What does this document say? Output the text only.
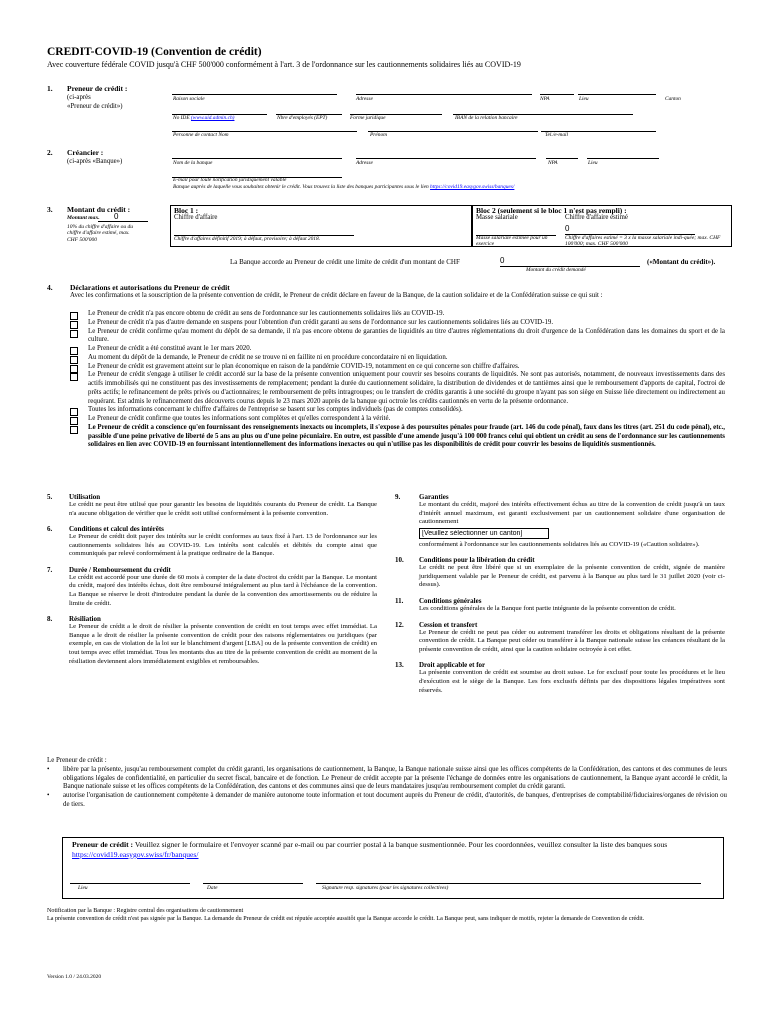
CREDIT-COVID-19 (Convention de crédit)
Avec couverture fédérale COVID jusqu'à CHF 500'000 conformément à l'art. 3 de l'ordonnance sur les cautionnements solidaires liés au COVID-19
1. Preneur de crédit :
(ci-après
«Preneur de crédit»)
Raison sociale	Adresse	NPA	Lieu	Canton
No IDE (www.uid.admin.ch)	Nbre d'employés (EPT)	Forme juridique	IBAN de la relation bancaire
Personne de contact Nom	Prénom	Tel./e-mail
2. Créancier :
(ci-après «Banque»)	Nom de la banque	Adresse	NPA	Lieu
E-mail pour toute notification juridiquement valable
Banque auprès de laquelle vous souhaitez obtenir le crédit. Vous trouvez la liste des banques participantes sous le lien https://covid19.easygov.swiss/banques/
3. Montant du crédit :
Montant max.	0
10% du chiffre d'affaire ou du chiffre d'affaire estimé, max. CHF 500'000
Bloc 1 :
Chiffre d'affaire
Chiffre d'affaires définitif 2019; à défaut, provisoire; à défaut 2018.
Bloc 2 (seulement si le bloc 1 n'est pas rempli) :
Masse salariale	Chiffre d'affaire estimé
0
Masse salariale estimée pour un exercice
Chiffre d'affaires estimé = 3 x la masse salariale indi-quée; max. CHF 100'000; max. CHF 500'000
La Banque accorde au Preneur de crédit une limite de crédit d'un montant de CHF	0	(«Montant du crédit»).
Montant du crédit demandé
4. Déclarations et autorisations du Preneur de crédit
Avec les confirmations et la souscription de la présente convention de crédit, le Preneur de crédit déclare en faveur de la Banque, de la caution solidaire et de la Confédération suisse ce qui suit :
Le Preneur de crédit n'a pas encore obtenu de crédit au sens de l'ordonnance sur les cautionnements solidaires liés au COVID-19.
Le Preneur de crédit n'a pas d'autre demande en suspens pour l'obtention d'un crédit garanti au sens de l'ordonnance sur les cautionnements solidaires liés au COVID-19.
Le Preneur de crédit confirme qu'au moment du dépôt de sa demande, il n'a pas encore obtenu de garanties de liquidités au titre d'autres réglementations du droit d'urgence de la Confédération dans les domaines du sport et de la culture.
Le Preneur de crédit a été constitué avant le 1er mars 2020.
Au moment du dépôt de la demande, le Preneur de crédit ne se trouve ni en faillite ni en procédure concordataire ni en liquidation.
Le Preneur de crédit est gravement atteint sur le plan économique en raison de la pandémie COVID-19, notamment en ce qui concerne son chiffre d'affaires.
Le Preneur de crédit s'engage à utiliser le crédit accordé sur la base de la présente convention uniquement pour couvrir ses besoins courants de liquidités. Ne sont pas autorisés, notamment, de nouveaux investissements dans des actifs immobilisés qui ne constituent pas des investissements de remplacement; pendant la durée du cautionnement solidaire, la distribution de dividendes et de tantièmes ainsi que le remboursement d'apports de capital, l'octroi de prêts actifs; le refinancement de prêts privés ou d'actionnaires; le remboursement de prêts intragroupes; ou le transfert de crédits garantis à une société du groupe n'ayant pas son siège en Suisse liée directement ou indirectement au requérant. Est admis le refinancement des découverts courus depuis le 23 mars 2020 auprès de la banque qui octroie les crédits cautionnés en vertu de la présente ordonnance.
Toutes les informations concernant le chiffre d'affaires de l'entreprise se basent sur les comptes individuels (pas de comptes consolidés).
Le Preneur de crédit confirme que toutes les informations sont complètes et qu'elles correspondent à la vérité.
Le Preneur de crédit a conscience qu'en fournissant des renseignements inexacts ou incomplets, il s'expose à des poursuites pénales pour fraude (art. 146 du code pénal), faux dans les titres (art. 251 du code pénal), etc., passible d'une peine privative de liberté de 5 ans au plus ou d'une peine pécuniaire. En outre, est passible d'une amende jusqu'à 100 000 francs celui qui obtient un crédit au sens de l'ordonnance sur les cautionnements solidaires en lien avec COVID-19 en fournissant intentionnellement des informations inexactes ou qui n'utilise pas les disponibilités de crédit pour couvrir les besoins de liquidités susmentionnés.
5. Utilisation
Le crédit ne peut être utilisé que pour garantir les besoins de liquidités courants du Preneur de crédit. La Banque n'a aucune obligation de vérifier que le crédit soit utilisé conformément à la présente convention.
6. Conditions et calcul des intérêts
Le Preneur de crédit doit payer des intérêts sur le crédit conformes au taux fixé à l'art. 13 de l'ordonnance sur les cautionnements solidaires liés au COVID-19. Les intérêts sont calculés et débités du compte ainsi que communiqués par relevé conformément à la pratique ordinaire de la Banque.
7. Durée / Remboursement du crédit
Le crédit est accordé pour une durée de 60 mois à compter de la date d'octroi du crédit par la Banque. Le montant du crédit, majoré des intérêts échus, doit être remboursé intégralement au plus tard à l'échéance de la convention. La Banque se réserve le droit d'introduire pendant la durée de la convention des amortissements ou de réduire la limite de crédit.
8. Résiliation
Le Preneur de crédit a le droit de résilier la présente convention de crédit en tout temps avec effet immédiat. La Banque a le droit de résilier la présente convention de crédit pour des raisons réglementaires ou juridiques (par exemple, en cas de violation de la loi sur le blanchiment d'argent [LBA] ou de la présente convention de crédit) en tout temps avec effet immédiat. Tous les montants dus au titre de la présente convention de crédit au moment de la résiliation deviennent alors immédiatement exigibles et remboursables.
9.	Garanties
Le montant du crédit, majoré des intérêts effectivement échus au titre de la convention de crédit jusqu'à un taux d'intérêt annuel maximum, est garanti exclusivement par un cautionnement solidaire d'une organisation de cautionnement
[Veuillez sélectionner un canton]
conformément à l'ordonnance sur les cautionnements solidaires liés au COVID-19 («Caution solidaire»).
10. Conditions pour la libération du crédit
Le crédit ne peut être libéré que si un exemplaire de la présente convention de crédit, signée de manière juridiquement valable par le Preneur de crédit, est parvenu à la Banque au plus tard le 31 juillet 2020 (voir ci-dessus).
11. Conditions générales
Les conditions générales de la Banque font partie intégrante de la présente convention de crédit.
12. Cession et transfert
Le Preneur de crédit ne peut pas céder ou autrement transférer les droits et obligations résultant de la présente convention de crédit. La Banque peut céder ou transférer à la Banque nationale suisse les créances résultant de la présente convention de crédit, ainsi que la caution solidaire octroyée à cet effet.
13. Droit applicable et for
La présente convention de crédit est soumise au droit suisse. Le for exclusif pour toute les procédures et le lieu d'exécution est le siège de la Banque. Les fors exclusifs définis par des dispositions légales impératives sont réservés.
Le Preneur de crédit :
• libère par la présente, jusqu'au remboursement complet du crédit garanti, les organisations de cautionnement, la Banque, la Banque nationale suisse ainsi que les offices compétents de la Confédération, des cantons et des communes de leurs obligations légales de confidentialité, en particulier du secret fiscal, bancaire et de fonction. Le Preneur de crédit accepte par la présente l'échange de données entre les organisations de cautionnement, la Banque ayant accordé le crédit, la Banque nationale suisse et les offices compétents de la Confédération, des cantons et des communes ainsi que de leurs mandataires jusqu'au remboursement complet du crédit garanti.
• autorise l'organisation de cautionnement compétente à demander de manière autonome toute information et tout document auprès du Preneur de crédit, d'autorités, de banques, d'entreprises de comptabilité/fiduciaires/organes de révision ou de tiers.
Preneur de crédit : Veuillez signer le formulaire et l'envoyer scanné par e-mail ou par courrier postal à la banque susmentionnée. Pour les coordonnées, veuillez consulter la liste des banques sous https://covid19.easygov.swiss/fr/banques/
Lieu	Date	Signature resp. signatures (pour les signatures collectives)
Notification par la Banque : Registre central des organisations de cautionnement
La présente convention de crédit n'est pas signée par la Banque. La demande du Preneur de crédit est réputée acceptée aussitôt que la Banque accorde le crédit. La Banque peut, sans indiquer de motifs, rejeter la demande de Convention de crédit.
Version 1.0 / 24.03.2020
